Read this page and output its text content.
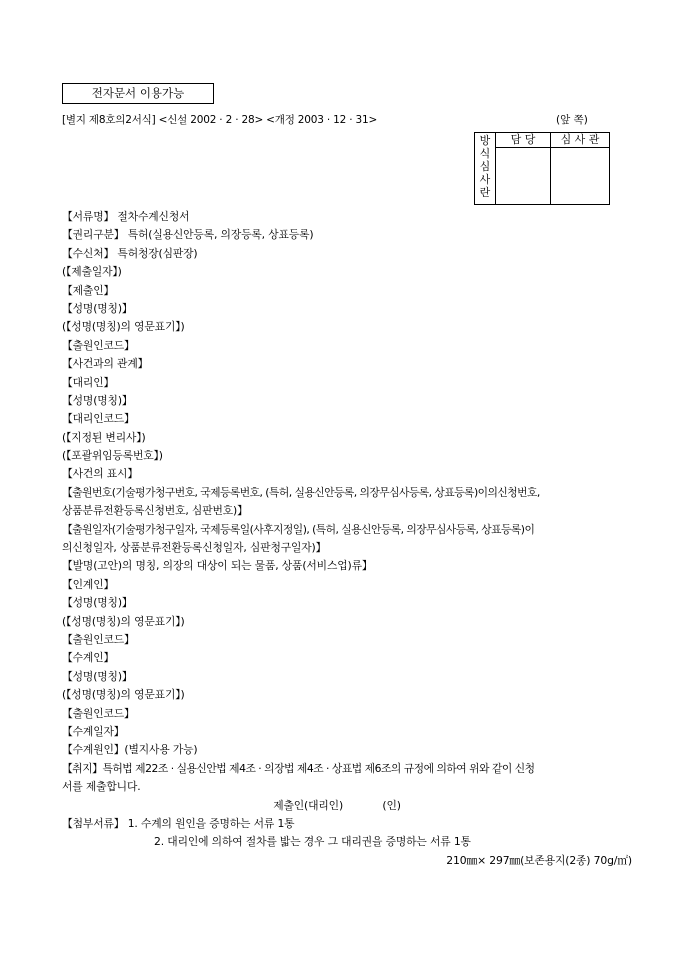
전자문서 이용가능
[별지 제8호의2서식] <신설 2002 · 2 · 28> <개정 2003 · 12 · 31>	(앞 쪽)
방
식
심
사
란	담 당	심 사 관

【서류명】 절차수계신청서
【권리구분】 특허(실용신안등록, 의장등록, 상표등록)
【수신처】 특허청장(심판장)
(【제출일자】)
【제출인】
【성명(명칭)】
(【성명(명칭)의 영문표기】)
【출원인코드】
【사건과의 관계】
【대리인】
【성명(명칭)】
【대리인코드】
(【지정된 변리사】)
(【포괄위임등록번호】)
【사건의 표시】
【출원번호(기술평가청구번호, 국제등록번호, (특허, 실용신안등록, 의장무심사등록, 상표등록)이의신청번호,
상품분류전환등록신청번호, 심판번호)】
【출원일자(기술평가청구일자, 국제등록일(사후지정일), (특허, 실용신안등록, 의장무심사등록, 상표등록)이
의신청일자, 상품분류전환등록신청일자, 심판청구일자)】
【발명(고안)의 명칭, 의장의 대상이 되는 물품, 상품(서비스업)류】
【인계인】
【성명(명칭)】
(【성명(명칭)의 영문표기】)
【출원인코드】
【수계인】
【성명(명칭)】
(【성명(명칭)의 영문표기】)
【출원인코드】
【수계일자】
【수계원인】(별지사용 가능)
【취지】특허법 제22조 · 실용신안법 제4조 · 의장법 제4조 · 상표법 제6조의 규정에 의하여 위와 같이 신청
서를 제출합니다.
제출인(대리인)            (인)
【첨부서류】 1. 수계의 원인을 증명하는 서류 1통
2. 대리인에 의하여 절차를 밟는 경우 그 대리권을 증명하는 서류 1통
210㎜× 297㎜(보존용지(2종) 70g/㎡)
